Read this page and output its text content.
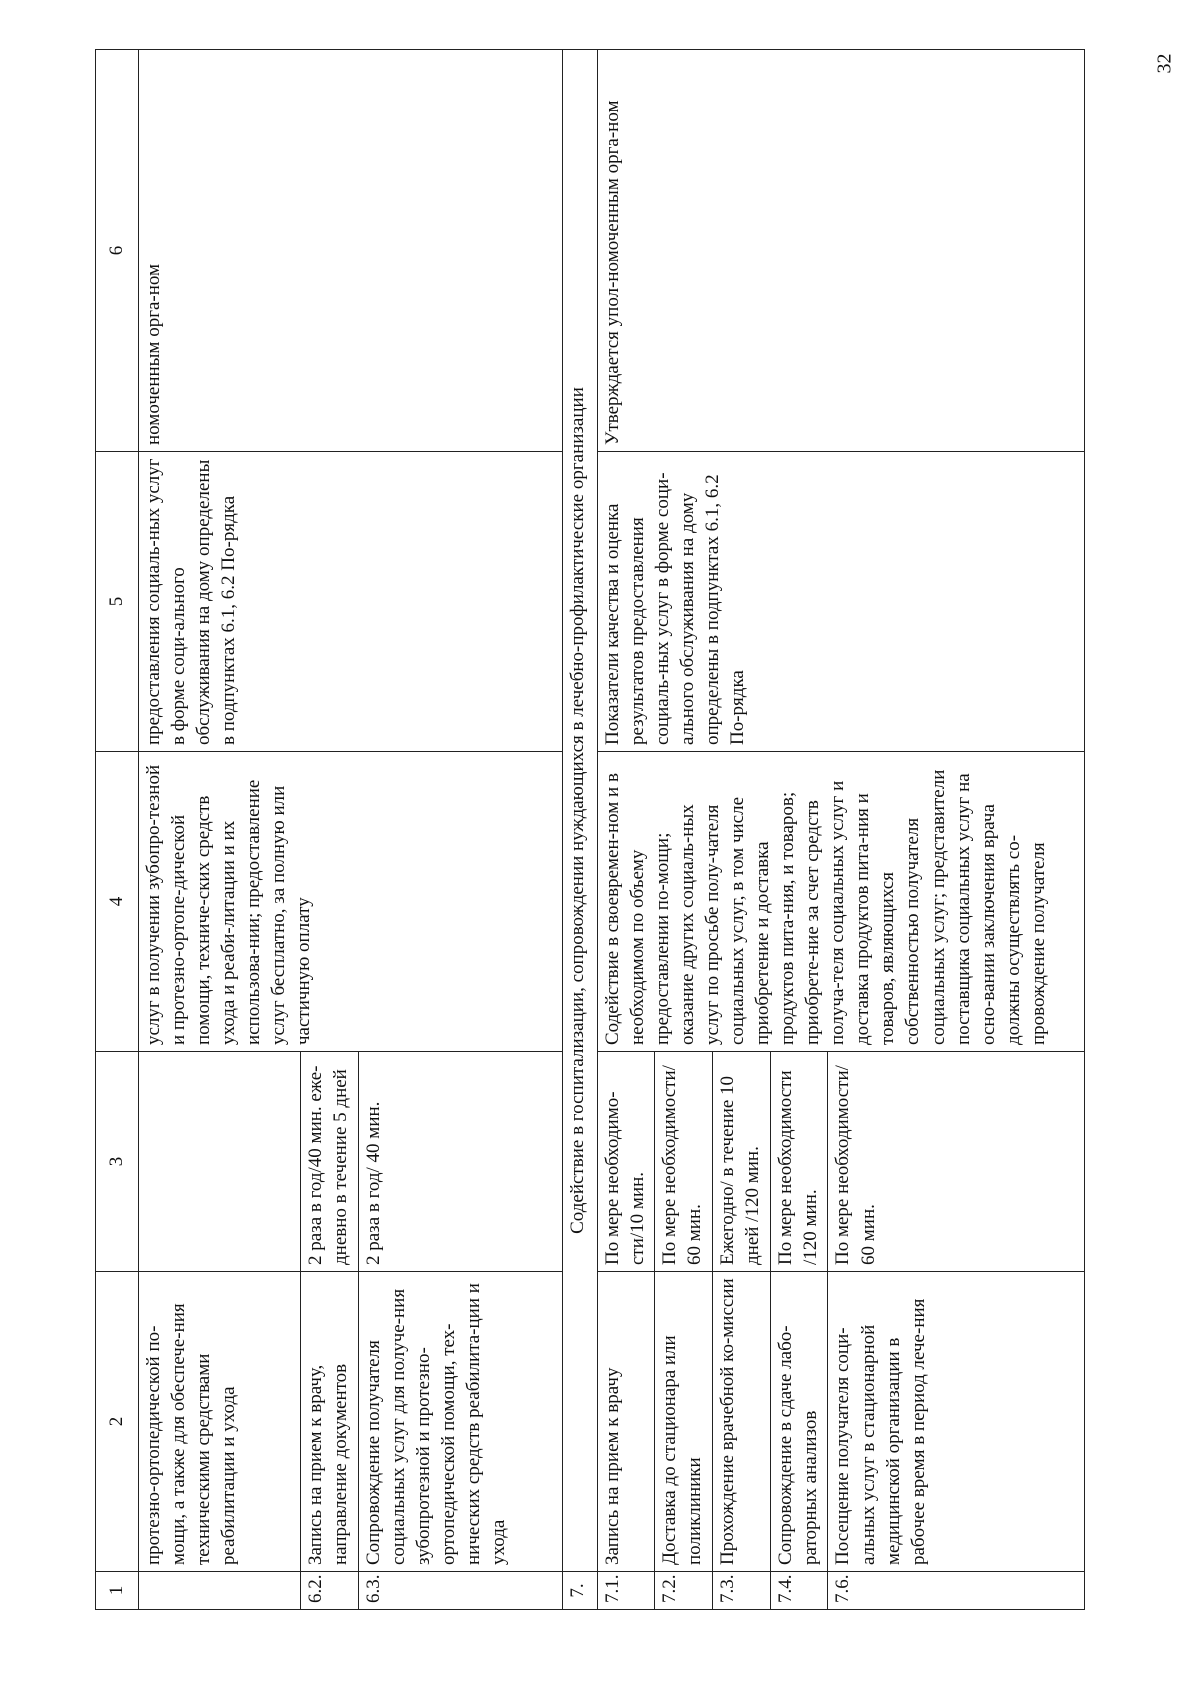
32
1	2	3	4	5	6
	протезно-ортопедической по-мощи, а также для обеспече-ния техническими средствами реабилитации и ухода		услуг в получении зубопро-тезной и протезно-ортопе-дической помощи, техниче-ских средств ухода и реаби-литации и их использова-нии; предоставление услуг бесплатно, за полную или частичную оплату	предоставления социаль-ных услуг в форме соци-ального обслуживания на дому определены в подпунктах 6.1, 6.2 По-рядка	номоченным орга-ном
6.2.	Запись на прием к врачу, направление документов	2 раза в год/40 мин. еже-дневно в течение 5 дней			
6.3.	Сопровождение получателя социальных услуг для получе-ния зубопротезной и протезно-ортопедической помощи, тех-нических средств реабилита-ции и ухода	2 раза в год/ 40 мин.			
7.	Содействие в госпитализации, сопровождении нуждающихся в лечебно-профилактические организации				
7.1.	Запись на прием к врачу	По мере необходимо-сти/10 мин.	Содействие в своевремен-ном и в необходимом по объему предоставлении по-мощи; оказание других социаль-ных услуг по просьбе полу-чателя социальных услуг, в том числе приобретение и доставка продуктов пита-ния, и товаров; приобрете-ние за счет средств получа-теля социальных услуг и доставка продуктов пита-ния и товаров, являющихся собственностью получателя социальных услуг; представители поставщика социальных услуг на осно-вании заключения врача должны осуществлять со-провождение получателя	Показатели качества и оценка результатов предоставления социаль-ных услуг в форме соци-ального обслуживания на дому определены в подпунктах 6.1, 6.2 По-рядка	Утверждается упол-номоченным орга-ном
7.2.	Доставка до стационара или поликлиники	По мере необходимости/ 60 мин.			
7.3.	Прохождение врачебной ко-миссии	Ежегодно/ в течение 10 дней /120 мин.			
7.4.	Сопровождение в сдаче лабо-раторных анализов	По мере необходимости /120 мин.			
7.6.	Посещение получателя соци-альных услуг в стационарной медицинской организации в рабочее время в период лече-ния	По мере необходимости/ 60 мин.			
